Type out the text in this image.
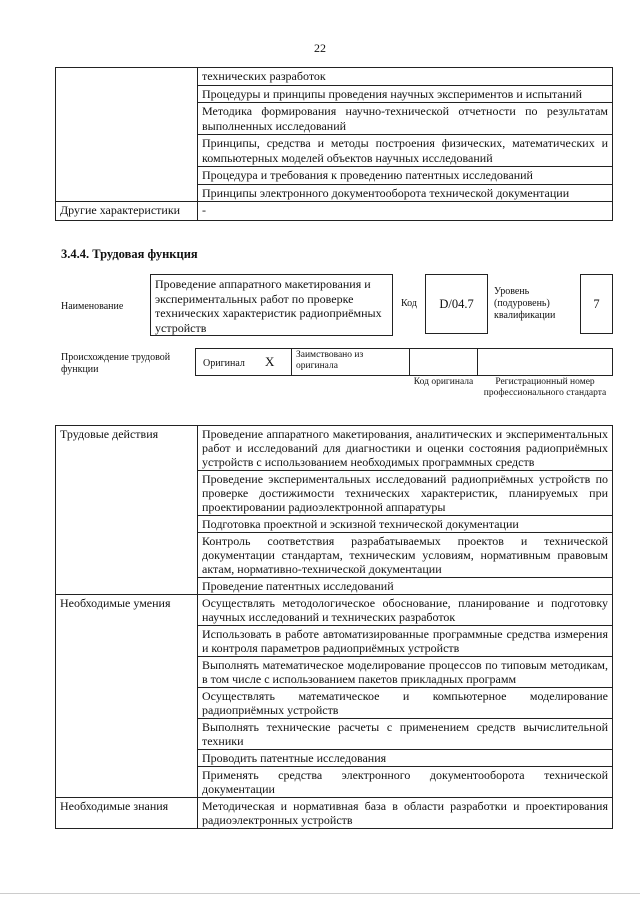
22
	технических разработок
	Процедуры и принципы проведения научных экспериментов и испытаний
	Методика формирования научно-технической отчетности по результатам выполненных исследований
	Принципы, средства и методы построения физических, математических и компьютерных моделей объектов научных исследований
	Процедура и требования к проведению патентных исследований
	Принципы электронного документооборота технической документации
Другие характеристики	-
3.4.4. Трудовая функция
Наименование
Проведение аппаратного макетирования и экспериментальных работ по проверке технических характеристик радиоприёмных устройств
Код	D/04.7
Уровень (подуровень) квалификации
7
Происхождение трудовой функции
Оригинал X	Заимствовано из оригинала
Код оригинала	Регистрационный номер профессионального стандарта
Трудовые действия	Проведение аппаратного макетирования, аналитических и экспериментальных работ и исследований для диагностики и оценки состояния радиоприёмных устройств с использованием необходимых программных средств
	Проведение экспериментальных исследований радиоприёмных устройств по проверке достижимости технических характеристик, планируемых при проектировании радиоэлектронной аппаратуры
	Подготовка проектной и эскизной технической документации
	Контроль соответствия разрабатываемых проектов и технической документации стандартам, техническим условиям, нормативным правовым актам, нормативно-технической документации
	Проведение патентных исследований
Необходимые умения	Осуществлять методологическое обоснование, планирование и подготовку научных исследований и технических разработок
	Использовать в работе автоматизированные программные средства измерения и контроля параметров радиоприёмных устройств
	Выполнять математическое моделирование процессов по типовым методикам, в том числе с использованием пакетов прикладных программ
	Осуществлять математическое и компьютерное моделирование радиоприёмных устройств
	Выполнять технические расчеты с применением средств вычислительной техники
	Проводить патентные исследования
	Применять средства электронного документооборота технической документации
Необходимые знания	Методическая и нормативная база в области разработки и проектирования радиоэлектронных устройств
